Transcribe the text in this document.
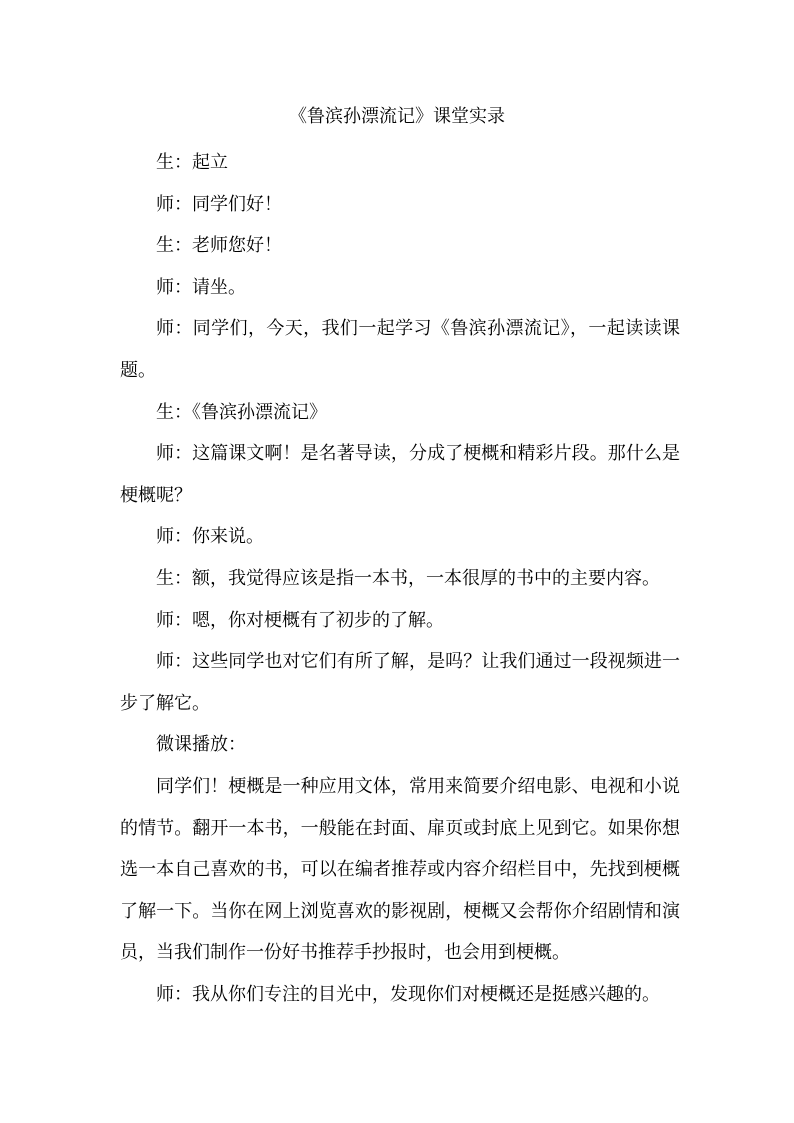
《鲁滨孙漂流记》课堂实录

生：起立

师：同学们好！

生：老师您好！

师：请坐。

师：同学们，今天，我们一起学习《鲁滨孙漂流记》，一起读读课题。

生：《鲁滨孙漂流记》

师：这篇课文啊！是名著导读，分成了梗概和精彩片段。那什么是梗概呢？

师：你来说。

生：额，我觉得应该是指一本书，一本很厚的书中的主要内容。

师：嗯，你对梗概有了初步的了解。

师：这些同学也对它们有所了解，是吗？让我们通过一段视频进一步了解它。

微课播放：

同学们！梗概是一种应用文体，常用来简要介绍电影、电视和小说的情节。翻开一本书，一般能在封面、扉页或封底上见到它。如果你想选一本自己喜欢的书，可以在编者推荐或内容介绍栏目中，先找到梗概了解一下。当你在网上浏览喜欢的影视剧，梗概又会帮你介绍剧情和演员，当我们制作一份好书推荐手抄报时，也会用到梗概。

师：我从你们专注的目光中，发现你们对梗概还是挺感兴趣的。
